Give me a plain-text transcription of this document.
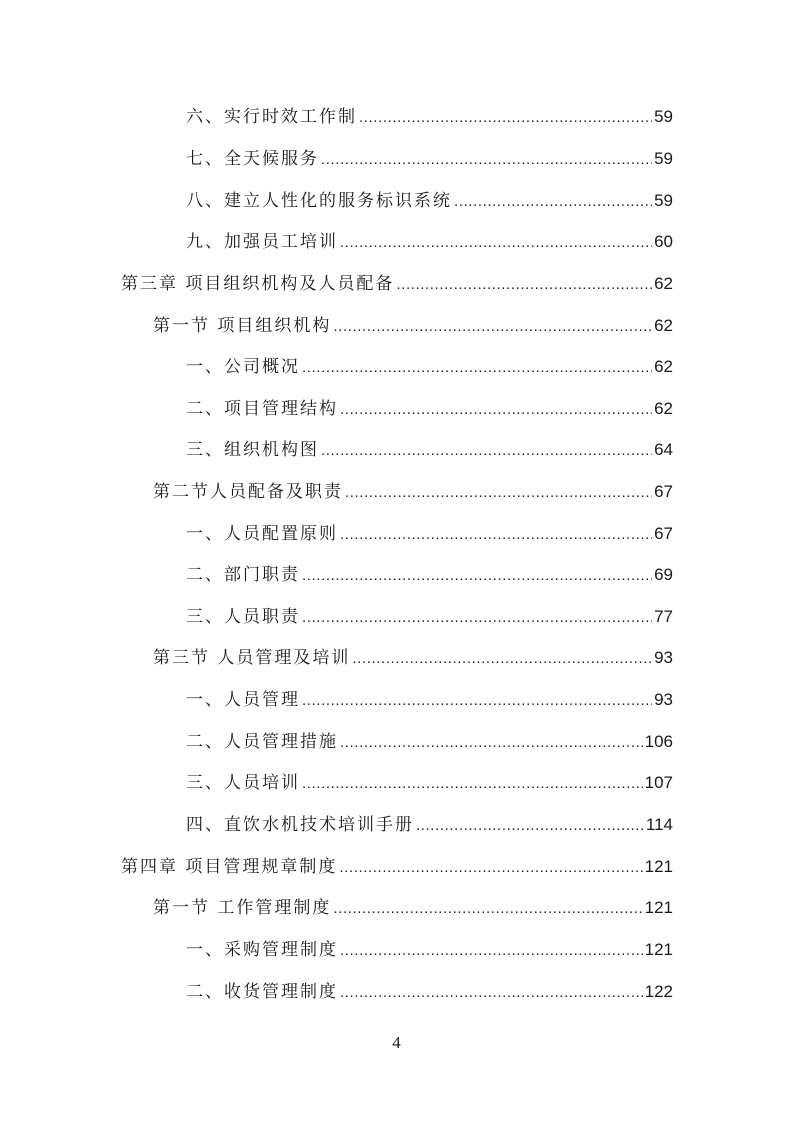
六、实行时效工作制 .....	59
七、全天候服务 .....	59
八、建立人性化的服务标识系统 .....	59
九、加强员工培训 .....	60
第三章 项目组织机构及人员配备 .....	62
第一节 项目组织机构 .....	62
一、公司概况 .....	62
二、项目管理结构 .....	62
三、组织机构图 .....	64
第二节人员配备及职责 .....	67
一、人员配置原则 .....	67
二、部门职责 .....	69
三、人员职责 .....	77
第三节 人员管理及培训 .....	93
一、人员管理 .....	93
二、人员管理措施 .....	106
三、人员培训 .....	107
四、直饮水机技术培训手册 .....	114
第四章 项目管理规章制度 .....	121
第一节 工作管理制度 .....	121
一、采购管理制度 .....	121
二、收货管理制度 .....	122
4
